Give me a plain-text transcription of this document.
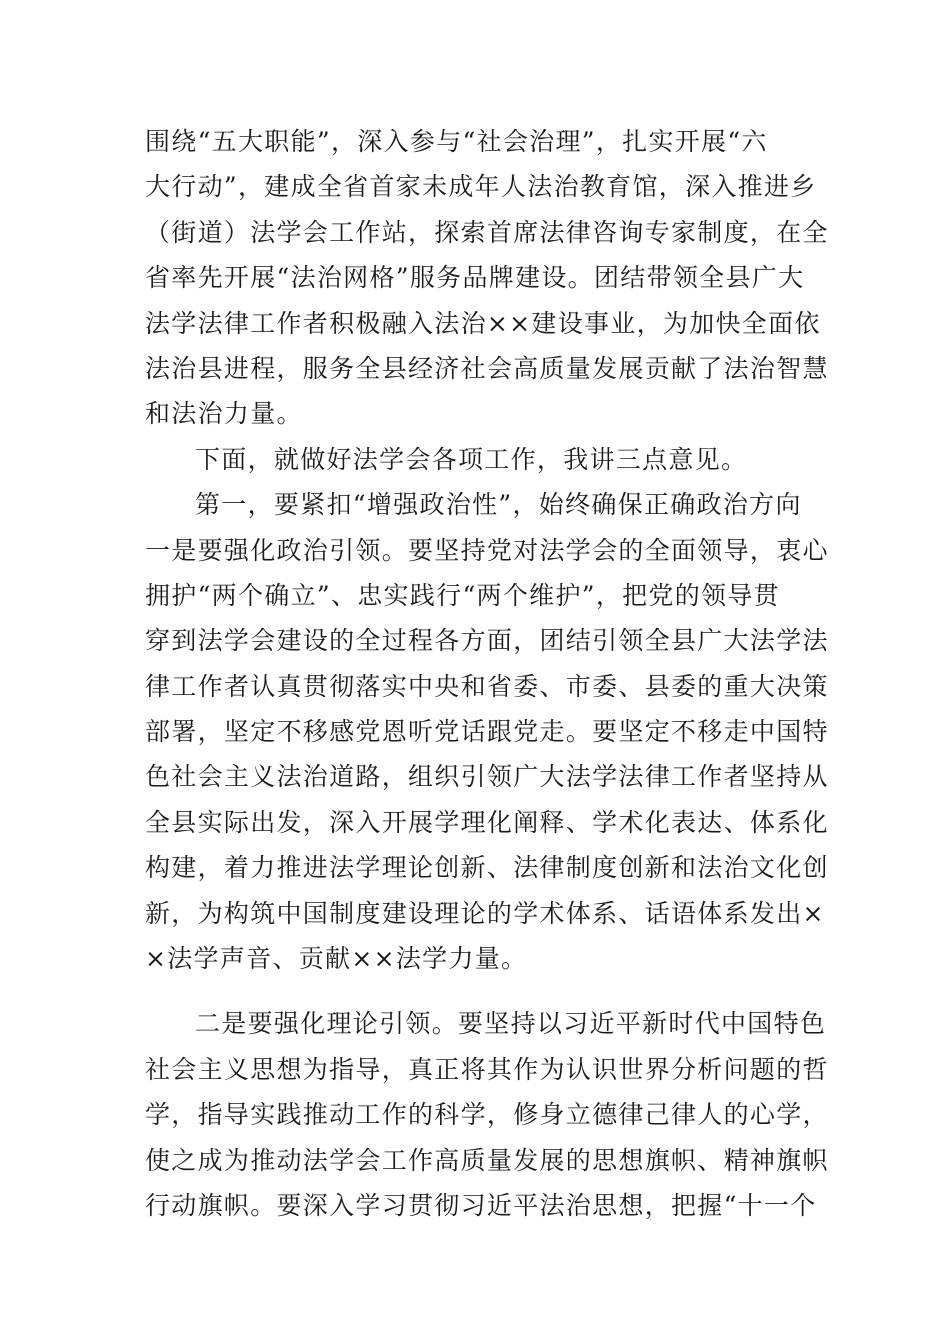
围绕“五大职能”，深入参与“社会治理”，扎实开展“六
大行动”，建成全省首家未成年人法治教育馆，深入推进乡
（街道）法学会工作站，探索首席法律咨询专家制度，在全
省率先开展“法治网格”服务品牌建设。团结带领全县广大
法学法律工作者积极融入法治××建设事业，为加快全面依
法治县进程，服务全县经济社会高质量发展贡献了法治智慧
和法治力量。
下面，就做好法学会各项工作，我讲三点意见。
第一，要紧扣“增强政治性”，始终确保正确政治方向
一是要强化政治引领。要坚持党对法学会的全面领导，衷心
拥护“两个确立”、忠实践行“两个维护”，把党的领导贯
穿到法学会建设的全过程各方面，团结引领全县广大法学法
律工作者认真贯彻落实中央和省委、市委、县委的重大决策
部署，坚定不移感党恩听党话跟党走。要坚定不移走中国特
色社会主义法治道路，组织引领广大法学法律工作者坚持从
全县实际出发，深入开展学理化阐释、学术化表达、体系化
构建，着力推进法学理论创新、法律制度创新和法治文化创
新，为构筑中国制度建设理论的学术体系、话语体系发出×
×法学声音、贡献××法学力量。
二是要强化理论引领。要坚持以习近平新时代中国特色
社会主义思想为指导，真正将其作为认识世界分析问题的哲
学，指导实践推动工作的科学，修身立德律己律人的心学，
使之成为推动法学会工作高质量发展的思想旗帜、精神旗帜
行动旗帜。要深入学习贯彻习近平法治思想，把握“十一个
